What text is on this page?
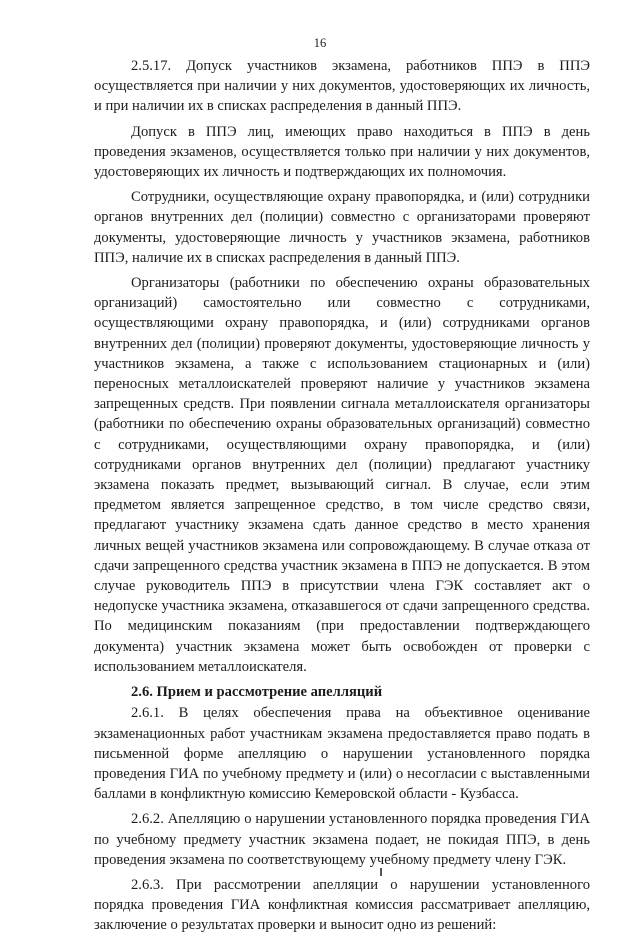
16

2.5.17. Допуск участников экзамена, работников ППЭ в ППЭ осуществляется при наличии у них документов, удостоверяющих их личность, и при наличии их в списках распределения в данный ППЭ.

Допуск в ППЭ лиц, имеющих право находиться в ППЭ в день проведения экзаменов, осуществляется только при наличии у них документов, удостоверяющих их личность и подтверждающих их полномочия.

Сотрудники, осуществляющие охрану правопорядка, и (или) сотрудники органов внутренних дел (полиции) совместно с организаторами проверяют документы, удостоверяющие личность у участников экзамена, работников ППЭ, наличие их в списках распределения в данный ППЭ.

Организаторы (работники по обеспечению охраны образовательных организаций) самостоятельно или совместно с сотрудниками, осуществляющими охрану правопорядка, и (или) сотрудниками органов внутренних дел (полиции) проверяют документы, удостоверяющие личность у участников экзамена, а также с использованием стационарных и (или) переносных металлоискателей проверяют наличие у участников экзамена запрещенных средств. При появлении сигнала металлоискателя организаторы (работники по обеспечению охраны образовательных организаций) совместно с сотрудниками, осуществляющими охрану правопорядка, и (или) сотрудниками органов внутренних дел (полиции) предлагают участнику экзамена показать предмет, вызывающий сигнал. В случае, если этим предметом является запрещенное средство, в том числе средство связи, предлагают участнику экзамена сдать данное средство в место хранения личных вещей участников экзамена или сопровождающему. В случае отказа от сдачи запрещенного средства участник экзамена в ППЭ не допускается. В этом случае руководитель ППЭ в присутствии члена ГЭК составляет акт о недопуске участника экзамена, отказавшегося от сдачи запрещенного средства. По медицинским показаниям (при предоставлении подтверждающего документа) участник экзамена может быть освобожден от проверки с использованием металлоискателя.

2.6. Прием и рассмотрение апелляций

2.6.1. В целях обеспечения права на объективное оценивание экзаменационных работ участникам экзамена предоставляется право подать в письменной форме апелляцию о нарушении установленного порядка проведения ГИА по учебному предмету и (или) о несогласии с выставленными баллами в конфликтную комиссию Кемеровской области - Кузбасса.

2.6.2. Апелляцию о нарушении установленного порядка проведения ГИА по учебному предмету участник экзамена подает, не покидая ППЭ, в день проведения экзамена по соответствующему учебному предмету члену ГЭК.

2.6.3. При рассмотрении апелляции о нарушении установленного порядка проведения ГИА конфликтная комиссия рассматривает апелляцию, заключение о результатах проверки и выносит одно из решений:
